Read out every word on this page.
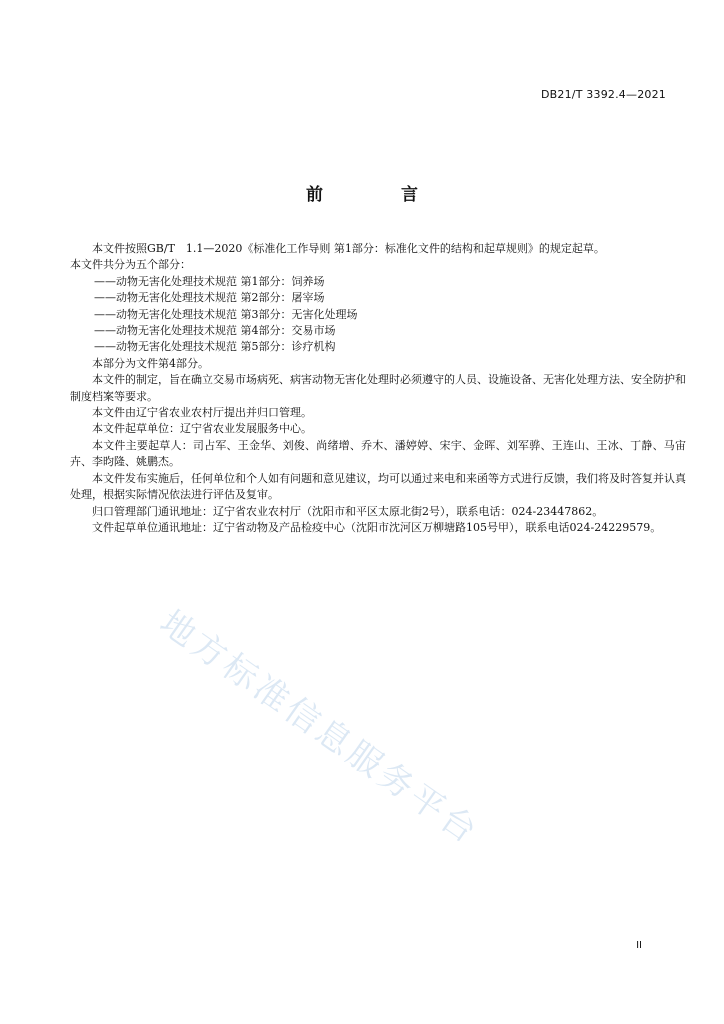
DB21/T 3392.4—2021
前 言

本文件按照GB/T　1.1—2020《标准化工作导则 第1部分：标准化文件的结构和起草规则》的规定起草。

本文件共分为五个部分：

——动物无害化处理技术规范 第1部分：饲养场

——动物无害化处理技术规范 第2部分：屠宰场

——动物无害化处理技术规范 第3部分：无害化处理场

——动物无害化处理技术规范 第4部分：交易市场

——动物无害化处理技术规范 第5部分：诊疗机构

本部分为文件第4部分。

本文件的制定，旨在确立交易市场病死、病害动物无害化处理时必须遵守的人员、设施设备、无害化处理方法、安全防护和制度档案等要求。

本文件由辽宁省农业农村厅提出并归口管理。

本文件起草单位：辽宁省农业发展服务中心。

本文件主要起草人：司占军、王金华、刘俊、尚绪增、乔木、潘婷婷、宋宇、金晖、刘军骅、王连山、王冰、丁静、马宙卉、李昀隆、姚鹏杰。

本文件发布实施后，任何单位和个人如有问题和意见建议，均可以通过来电和来函等方式进行反馈，我们将及时答复并认真处理，根据实际情况依法进行评估及复审。

归口管理部门通讯地址：辽宁省农业农村厅（沈阳市和平区太原北街2号），联系电话：024-23447862。

文件起草单位通讯地址：辽宁省动物及产品检疫中心（沈阳市沈河区万柳塘路105号甲），联系电话024-24229579。

地方标准信息服务平台
II
